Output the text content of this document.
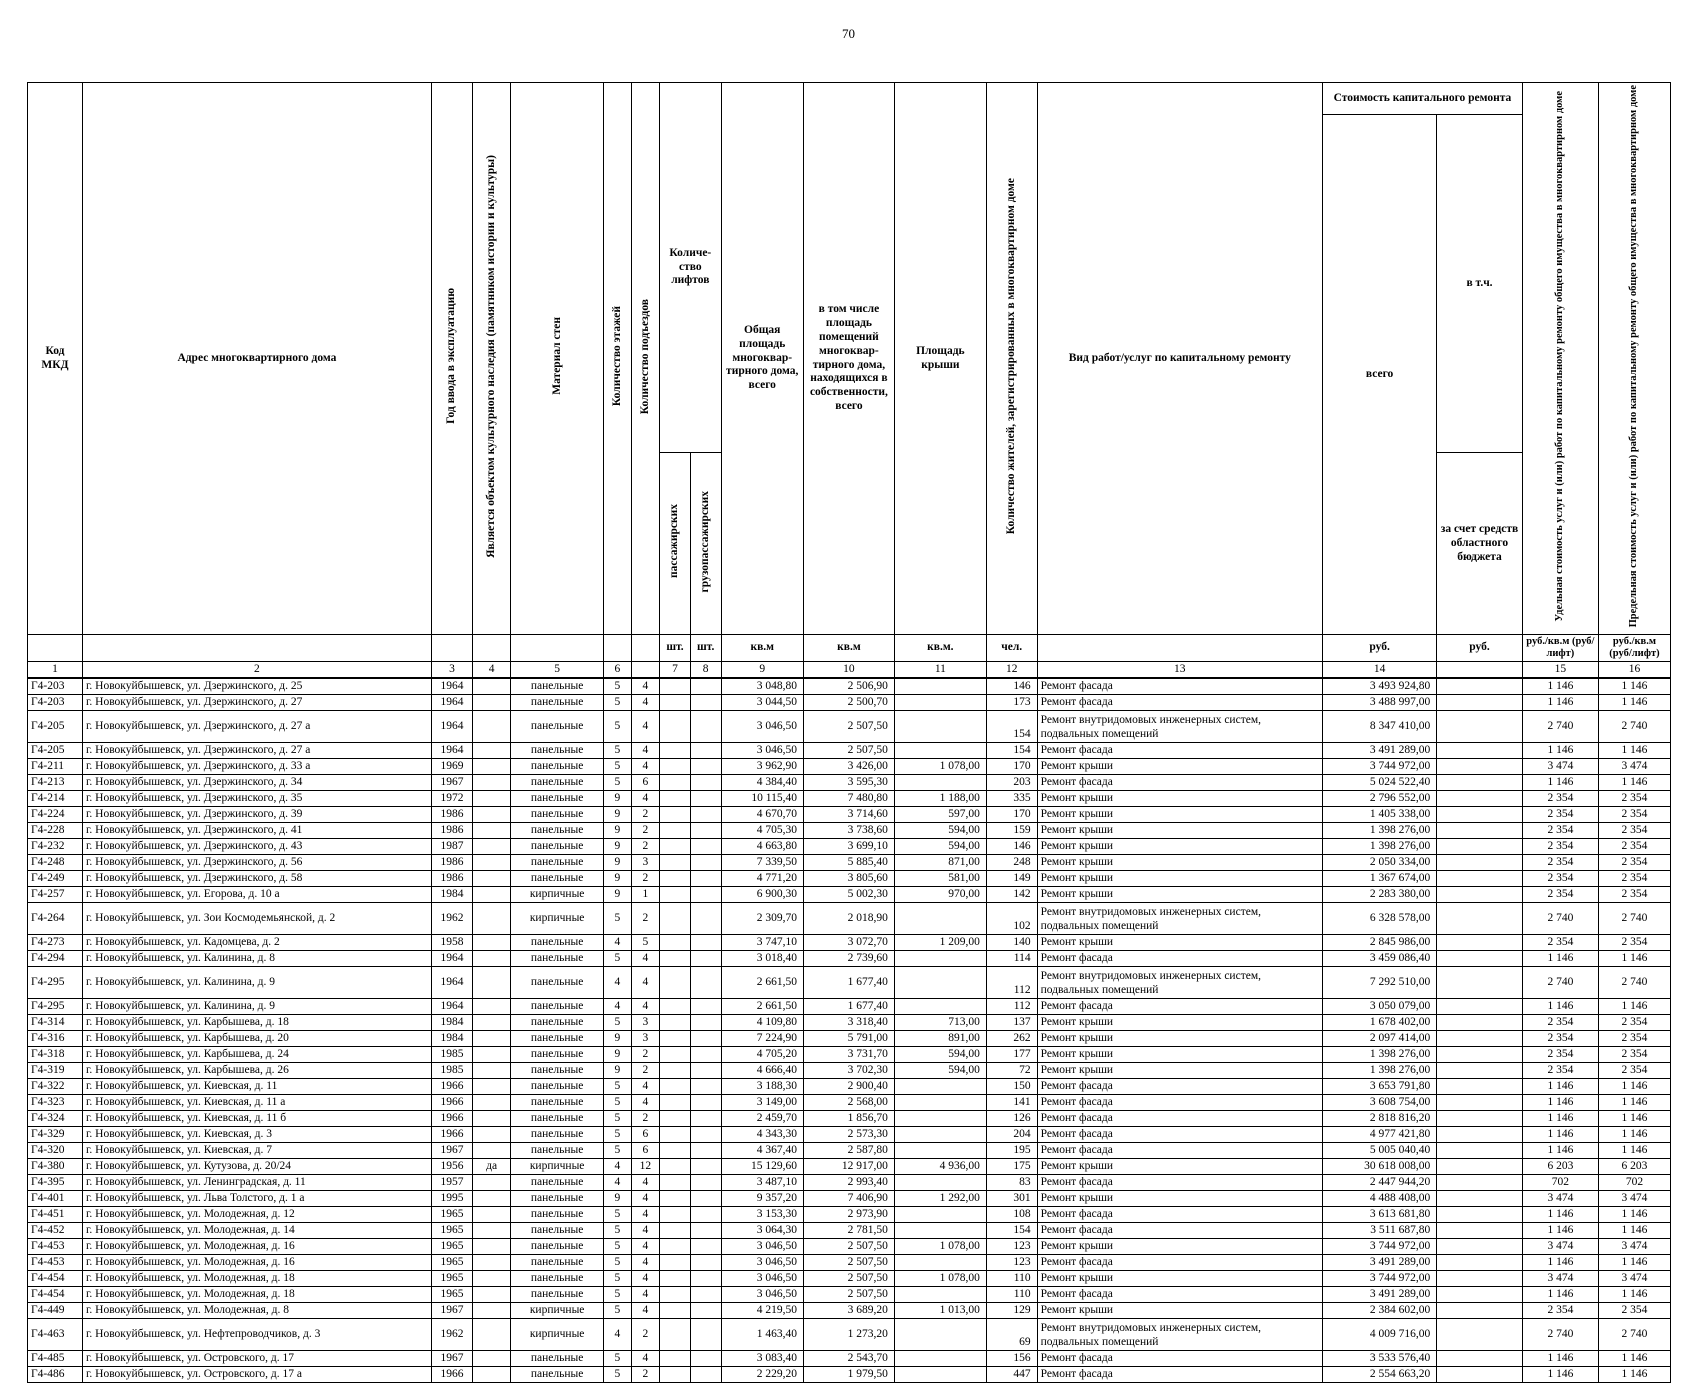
70
Код МКД	Адрес многоквартирного дома	Год ввода в эксплуатацию	Является объектом культурного наследия (памятником истории и культуры)	Материал стен	Количество этажей	Количество подъездов	Количе-ство лифтов		Общая площадь многоквар-тирного дома, всего	в том числе площадь помещений многоквар-тирного дома, находящихся в собственности, всего	Площадь крыши	Количество жителей, зарегистрированных в многоквартирном доме	Вид работ/услуг по капитальному ремонту	Стоимость капитального ремонта		Удельная стоимость услуг и (или) работ по капитальному ремонту общего имущества в многоквартирном доме	Предельная стоимость услуг и (или) работ по капитальному ремонту общего имущества в многоквартирном доме
														всего	в т.ч.		
							пассажирских	грузопассажирских							за счет средств областного бюджета		
							шт.	шт.	кв.м	кв.м	кв.м.	чел.		руб.	руб.	руб./кв.м (руб/лифт)	руб./кв.м (руб/лифт)
1	2	3	4	5	6		7	8	9	10	11	12	13	14		15	16
Г4-203	г. Новокуйбышевск, ул. Дзержинского, д. 25	1964		панельные	5	4			3 048,80	2 506,90		146	Ремонт фасада	3 493 924,80		1 146	1 146
Г4-203	г. Новокуйбышевск, ул. Дзержинского, д. 27	1964		панельные	5	4			3 044,50	2 500,70		173	Ремонт фасада	3 488 997,00		1 146	1 146
Г4-205	г. Новокуйбышевск, ул. Дзержинского, д. 27 а	1964		панельные	5	4			3 046,50	2 507,50		154	Ремонт внутридомовых инженерных систем, подвальных помещений	8 347 410,00		2 740	2 740
Г4-205	г. Новокуйбышевск, ул. Дзержинского, д. 27 а	1964		панельные	5	4			3 046,50	2 507,50		154	Ремонт фасада	3 491 289,00		1 146	1 146
Г4-211	г. Новокуйбышевск, ул. Дзержинского, д. 33 а	1969		панельные	5	4			3 962,90	3 426,00	1 078,00	170	Ремонт крыши	3 744 972,00		3 474	3 474
Г4-213	г. Новокуйбышевск, ул. Дзержинского, д. 34	1967		панельные	5	6			4 384,40	3 595,30		203	Ремонт фасада	5 024 522,40		1 146	1 146
Г4-214	г. Новокуйбышевск, ул. Дзержинского, д. 35	1972		панельные	9	4			10 115,40	7 480,80	1 188,00	335	Ремонт крыши	2 796 552,00		2 354	2 354
Г4-224	г. Новокуйбышевск, ул. Дзержинского, д. 39	1986		панельные	9	2			4 670,70	3 714,60	597,00	170	Ремонт крыши	1 405 338,00		2 354	2 354
Г4-228	г. Новокуйбышевск, ул. Дзержинского, д. 41	1986		панельные	9	2			4 705,30	3 738,60	594,00	159	Ремонт крыши	1 398 276,00		2 354	2 354
Г4-232	г. Новокуйбышевск, ул. Дзержинского, д. 43	1987		панельные	9	2			4 663,80	3 699,10	594,00	146	Ремонт крыши	1 398 276,00		2 354	2 354
Г4-248	г. Новокуйбышевск, ул. Дзержинского, д. 56	1986		панельные	9	3			7 339,50	5 885,40	871,00	248	Ремонт крыши	2 050 334,00		2 354	2 354
Г4-249	г. Новокуйбышевск, ул. Дзержинского, д. 58	1986		панельные	9	2			4 771,20	3 805,60	581,00	149	Ремонт крыши	1 367 674,00		2 354	2 354
Г4-257	г. Новокуйбышевск, ул. Егорова, д. 10 а	1984		кирпичные	9	1			6 900,30	5 002,30	970,00	142	Ремонт крыши	2 283 380,00		2 354	2 354
Г4-264	г. Новокуйбышевск, ул. Зои Космодемьянской, д. 2	1962		кирпичные	5	2			2 309,70	2 018,90		102	Ремонт внутридомовых инженерных систем, подвальных помещений	6 328 578,00		2 740	2 740
Г4-273	г. Новокуйбышевск, ул. Кадомцева, д. 2	1958		панельные	4	5			3 747,10	3 072,70	1 209,00	140	Ремонт крыши	2 845 986,00		2 354	2 354
Г4-294	г. Новокуйбышевск, ул. Калинина, д. 8	1964		панельные	5	4			3 018,40	2 739,60		114	Ремонт фасада	3 459 086,40		1 146	1 146
Г4-295	г. Новокуйбышевск, ул. Калинина, д. 9	1964		панельные	4	4			2 661,50	1 677,40		112	Ремонт внутридомовых инженерных систем, подвальных помещений	7 292 510,00		2 740	2 740
Г4-295	г. Новокуйбышевск, ул. Калинина, д. 9	1964		панельные	4	4			2 661,50	1 677,40		112	Ремонт фасада	3 050 079,00		1 146	1 146
Г4-314	г. Новокуйбышевск, ул. Карбышева, д. 18	1984		панельные	5	3			4 109,80	3 318,40	713,00	137	Ремонт крыши	1 678 402,00		2 354	2 354
Г4-316	г. Новокуйбышевск, ул. Карбышева, д. 20	1984		панельные	9	3			7 224,90	5 791,00	891,00	262	Ремонт крыши	2 097 414,00		2 354	2 354
Г4-318	г. Новокуйбышевск, ул. Карбышева, д. 24	1985		панельные	9	2			4 705,20	3 731,70	594,00	177	Ремонт крыши	1 398 276,00		2 354	2 354
Г4-319	г. Новокуйбышевск, ул. Карбышева, д. 26	1985		панельные	9	2			4 666,40	3 702,30	594,00	72	Ремонт крыши	1 398 276,00		2 354	2 354
Г4-322	г. Новокуйбышевск, ул. Киевская, д. 11	1966		панельные	5	4			3 188,30	2 900,40		150	Ремонт фасада	3 653 791,80		1 146	1 146
Г4-323	г. Новокуйбышевск, ул. Киевская, д. 11 а	1966		панельные	5	4			3 149,00	2 568,00		141	Ремонт фасада	3 608 754,00		1 146	1 146
Г4-324	г. Новокуйбышевск, ул. Киевская, д. 11 б	1966		панельные	5	2			2 459,70	1 856,70		126	Ремонт фасада	2 818 816,20		1 146	1 146
Г4-329	г. Новокуйбышевск, ул. Киевская, д. 3	1966		панельные	5	6			4 343,30	2 573,30		204	Ремонт фасада	4 977 421,80		1 146	1 146
Г4-320	г. Новокуйбышевск, ул. Киевская, д. 7	1967		панельные	5	6			4 367,40	2 587,80		195	Ремонт фасада	5 005 040,40		1 146	1 146
Г4-380	г. Новокуйбышевск, ул. Кутузова, д. 20/24	1956	да	кирпичные	4	12			15 129,60	12 917,00	4 936,00	175	Ремонт крыши	30 618 008,00		6 203	6 203
Г4-395	г. Новокуйбышевск, ул. Ленинградская, д. 11	1957		панельные	4	4			3 487,10	2 993,40		83	Ремонт фасада	2 447 944,20		702	702
Г4-401	г. Новокуйбышевск, ул. Льва Толстого, д. 1 а	1995		панельные	9	4			9 357,20	7 406,90	1 292,00	301	Ремонт крыши	4 488 408,00		3 474	3 474
Г4-451	г. Новокуйбышевск, ул. Молодежная, д. 12	1965		панельные	5	4			3 153,30	2 973,90		108	Ремонт фасада	3 613 681,80		1 146	1 146
Г4-452	г. Новокуйбышевск, ул. Молодежная, д. 14	1965		панельные	5	4			3 064,30	2 781,50		154	Ремонт фасада	3 511 687,80		1 146	1 146
Г4-453	г. Новокуйбышевск, ул. Молодежная, д. 16	1965		панельные	5	4			3 046,50	2 507,50	1 078,00	123	Ремонт крыши	3 744 972,00		3 474	3 474
Г4-453	г. Новокуйбышевск, ул. Молодежная, д. 16	1965		панельные	5	4			3 046,50	2 507,50		123	Ремонт фасада	3 491 289,00		1 146	1 146
Г4-454	г. Новокуйбышевск, ул. Молодежная, д. 18	1965		панельные	5	4			3 046,50	2 507,50	1 078,00	110	Ремонт крыши	3 744 972,00		3 474	3 474
Г4-454	г. Новокуйбышевск, ул. Молодежная, д. 18	1965		панельные	5	4			3 046,50	2 507,50		110	Ремонт фасада	3 491 289,00		1 146	1 146
Г4-449	г. Новокуйбышевск, ул. Молодежная, д. 8	1967		кирпичные	5	4			4 219,50	3 689,20	1 013,00	129	Ремонт крыши	2 384 602,00		2 354	2 354
Г4-463	г. Новокуйбышевск, ул. Нефтепроводчиков, д. 3	1962		кирпичные	4	2			1 463,40	1 273,20		69	Ремонт внутридомовых инженерных систем, подвальных помещений	4 009 716,00		2 740	2 740
Г4-485	г. Новокуйбышевск, ул. Островского, д. 17	1967		панельные	5	4			3 083,40	2 543,70		156	Ремонт фасада	3 533 576,40		1 146	1 146
Г4-486	г. Новокуйбышевск, ул. Островского, д. 17 а	1966		панельные	5	2			2 229,20	1 979,50		447	Ремонт фасада	2 554 663,20		1 146	1 146
